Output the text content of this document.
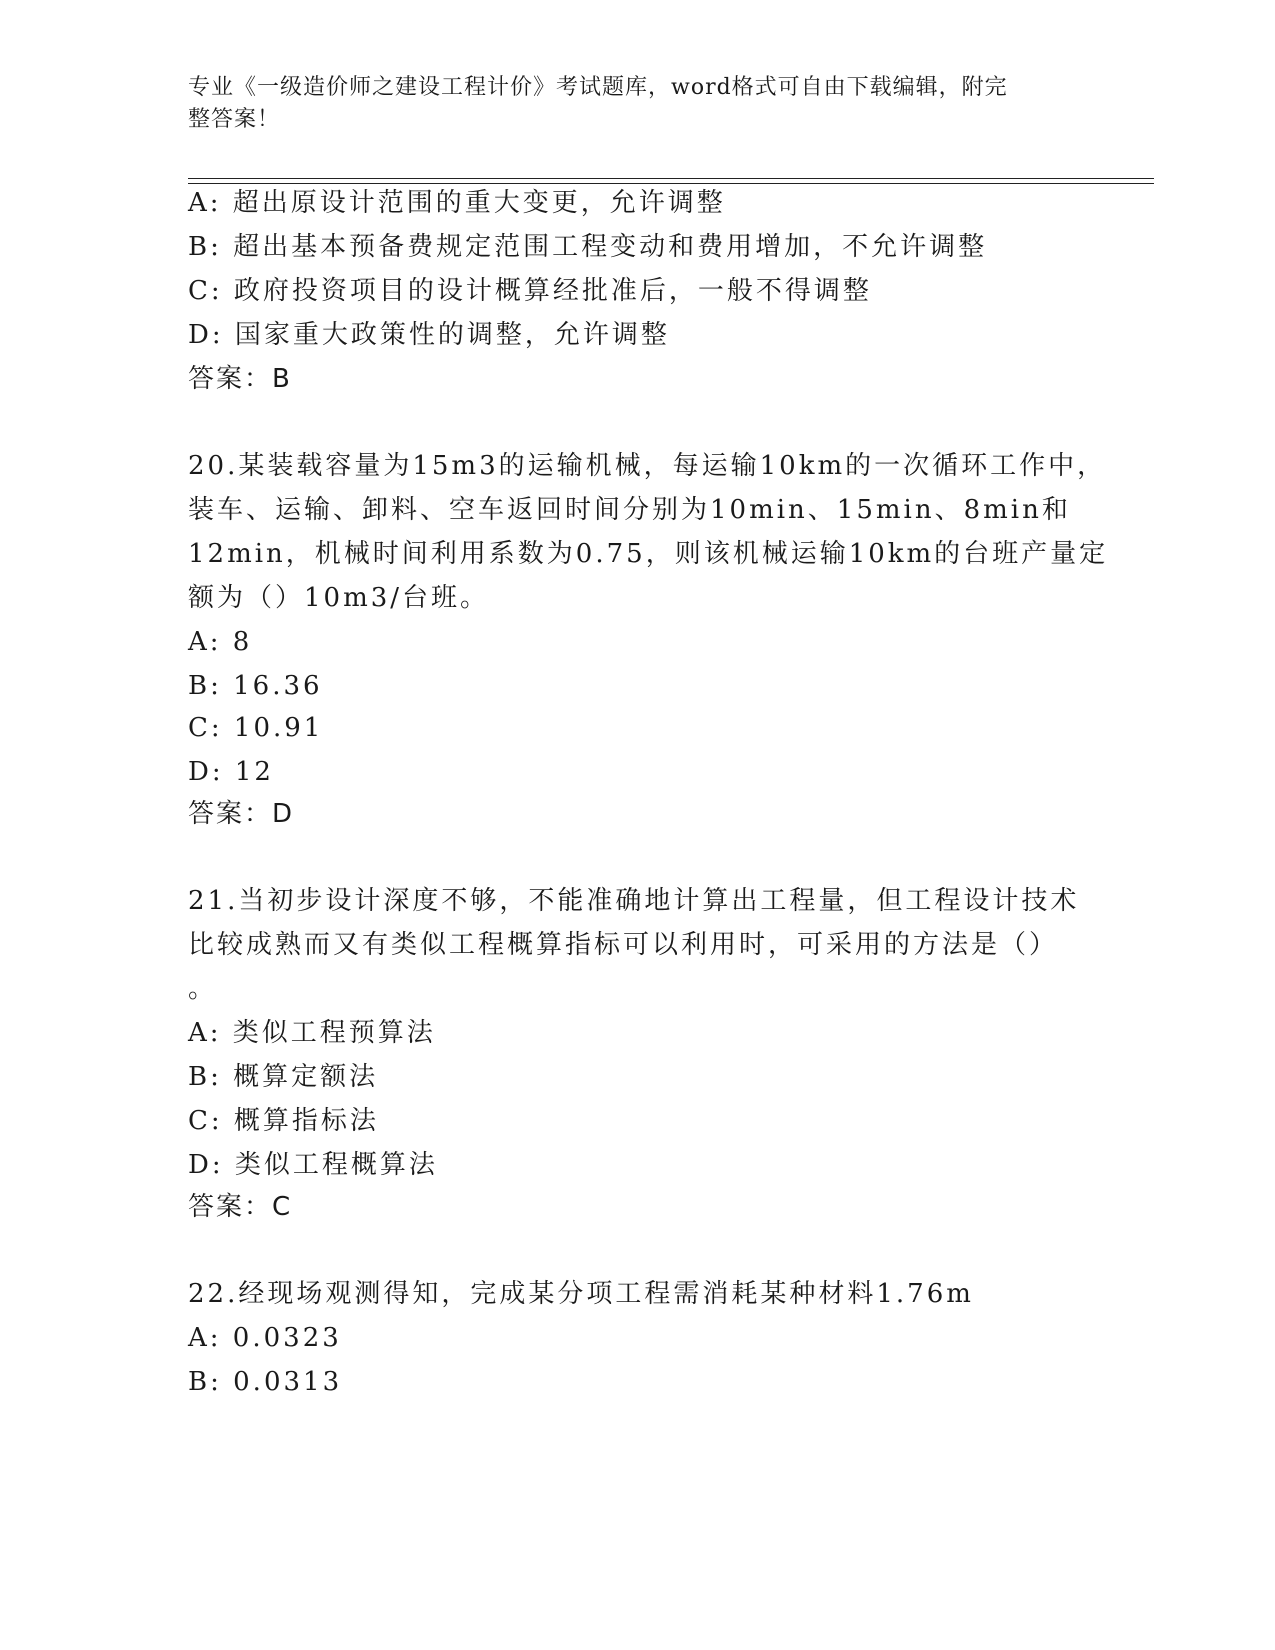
专业《一级造价师之建设工程计价》考试题库，word格式可自由下载编辑，附完
整答案！
A: 超出原设计范围的重大变更，允许调整
B: 超出基本预备费规定范围工程变动和费用增加，不允许调整
C: 政府投资项目的设计概算经批准后，一般不得调整
D: 国家重大政策性的调整，允许调整
答案：B
20.某装载容量为15m3的运输机械，每运输10km的一次循环工作中，
装车、运输、卸料、空车返回时间分别为10min、15min、8min和
12min，机械时间利用系数为0.75，则该机械运输10km的台班产量定
额为（）10m3/台班。
A: 8
B: 16.36
C: 10.91
D: 12
答案：D
21.当初步设计深度不够，不能准确地计算出工程量，但工程设计技术
比较成熟而又有类似工程概算指标可以利用时，可采用的方法是（）
。
A: 类似工程预算法
B: 概算定额法
C: 概算指标法
D: 类似工程概算法
答案：C
22.经现场观测得知，完成某分项工程需消耗某种材料1.76m
A: 0.0323
B: 0.0313
